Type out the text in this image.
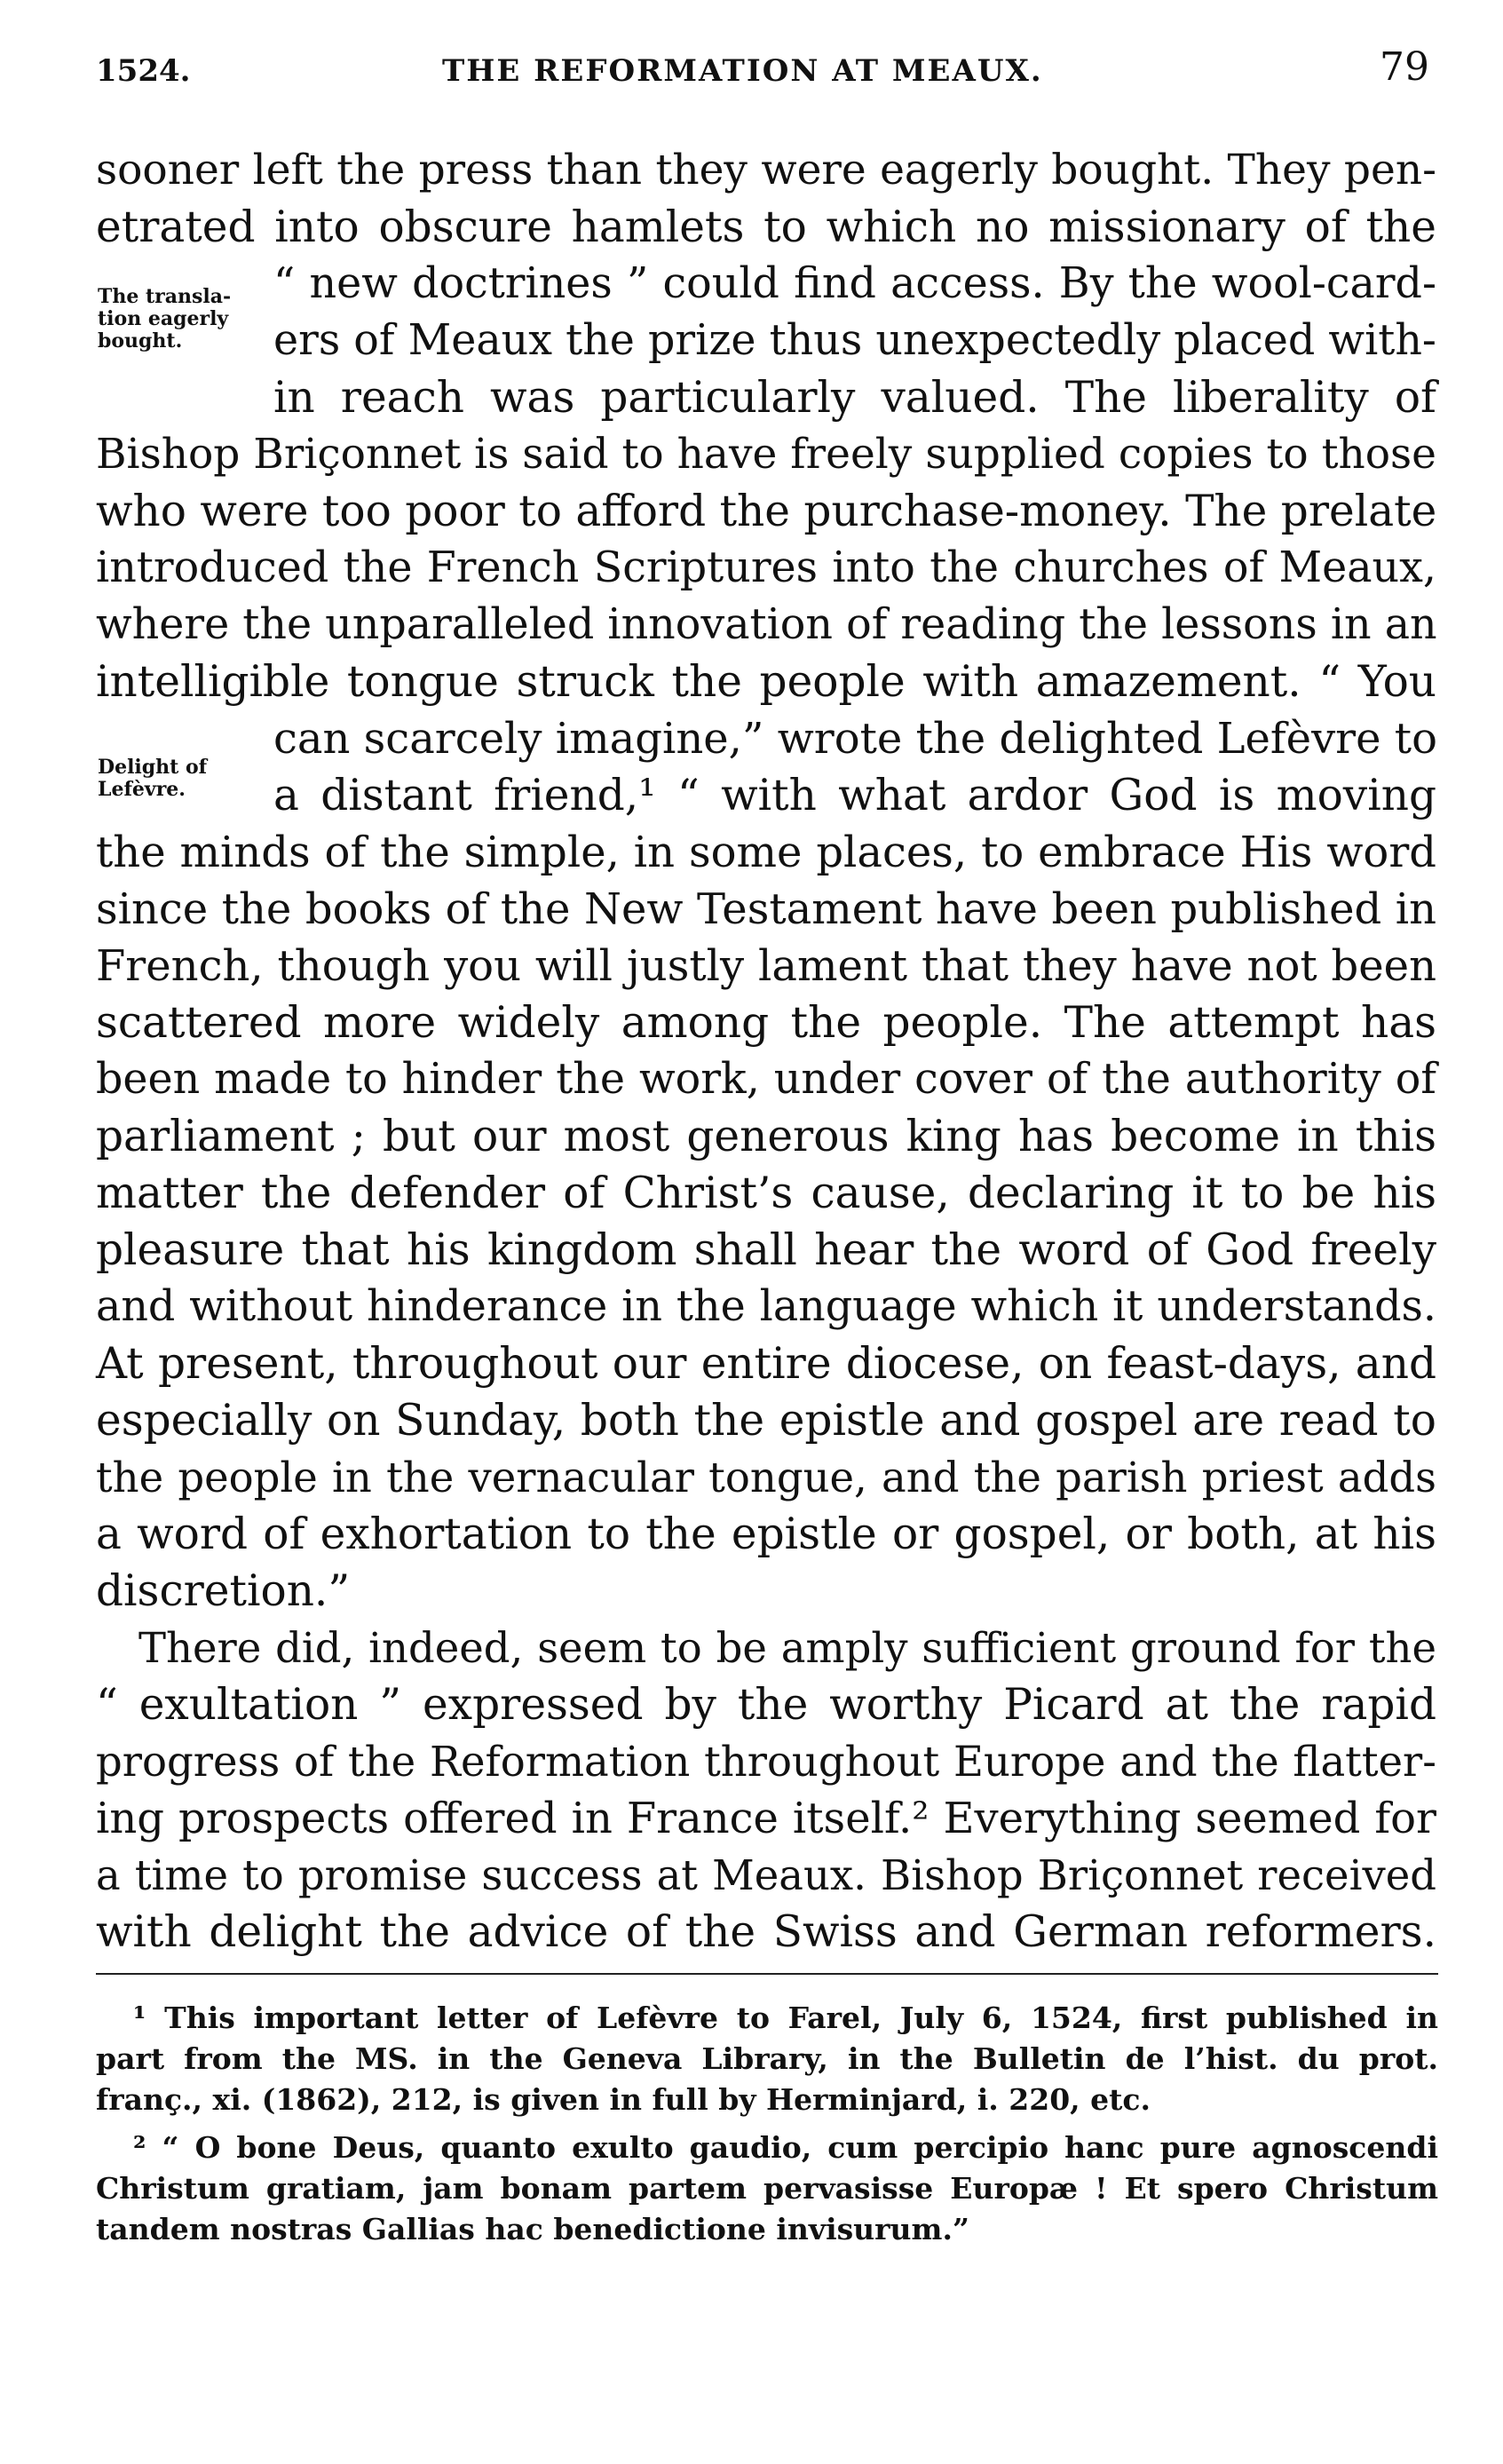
1524.	THE REFORMATION AT MEAUX.	79
The transla-
tion eagerly
bought.
Delight of
Lefèvre.
sooner left the press than they were eagerly bought. They pen-
etrated into obscure hamlets to which no missionary of the
“ new doctrines ” could find access. By the wool-card-
ers of Meaux the prize thus unexpectedly placed with-
in reach was particularly valued. The liberality of
Bishop Briçonnet is said to have freely supplied copies to those
who were too poor to afford the purchase-money. The prelate
introduced the French Scriptures into the churches of Meaux,
where the unparalleled innovation of reading the lessons in an
intelligible tongue struck the people with amazement. “ You
can scarcely imagine,” wrote the delighted Lefèvre to
a distant friend,¹ “ with what ardor God is moving
the minds of the simple, in some places, to embrace His word
since the books of the New Testament have been published in
French, though you will justly lament that they have not been
scattered more widely among the people. The attempt has
been made to hinder the work, under cover of the authority of
parliament ; but our most generous king has become in this
matter the defender of Christ’s cause, declaring it to be his
pleasure that his kingdom shall hear the word of God freely
and without hinderance in the language which it understands.
At present, throughout our entire diocese, on feast-days, and
especially on Sunday, both the epistle and gospel are read to
the people in the vernacular tongue, and the parish priest adds
a word of exhortation to the epistle or gospel, or both, at his
discretion.”
There did, indeed, seem to be amply sufficient ground for the
“ exultation ” expressed by the worthy Picard at the rapid
progress of the Reformation throughout Europe and the flatter-
ing prospects offered in France itself.² Everything seemed for
a time to promise success at Meaux. Bishop Briçonnet received
with delight the advice of the Swiss and German reformers.
¹ This important letter of Lefèvre to Farel, July 6, 1524, first published in
part from the MS. in the Geneva Library, in the Bulletin de l’hist. du prot.
franç., xi. (1862), 212, is given in full by Herminjard, i. 220, etc.
² “ O bone Deus, quanto exulto gaudio, cum percipio hanc pure agnoscendi
Christum gratiam, jam bonam partem pervasisse Europæ ! Et spero Christum
tandem nostras Gallias hac benedictione invisurum.”
